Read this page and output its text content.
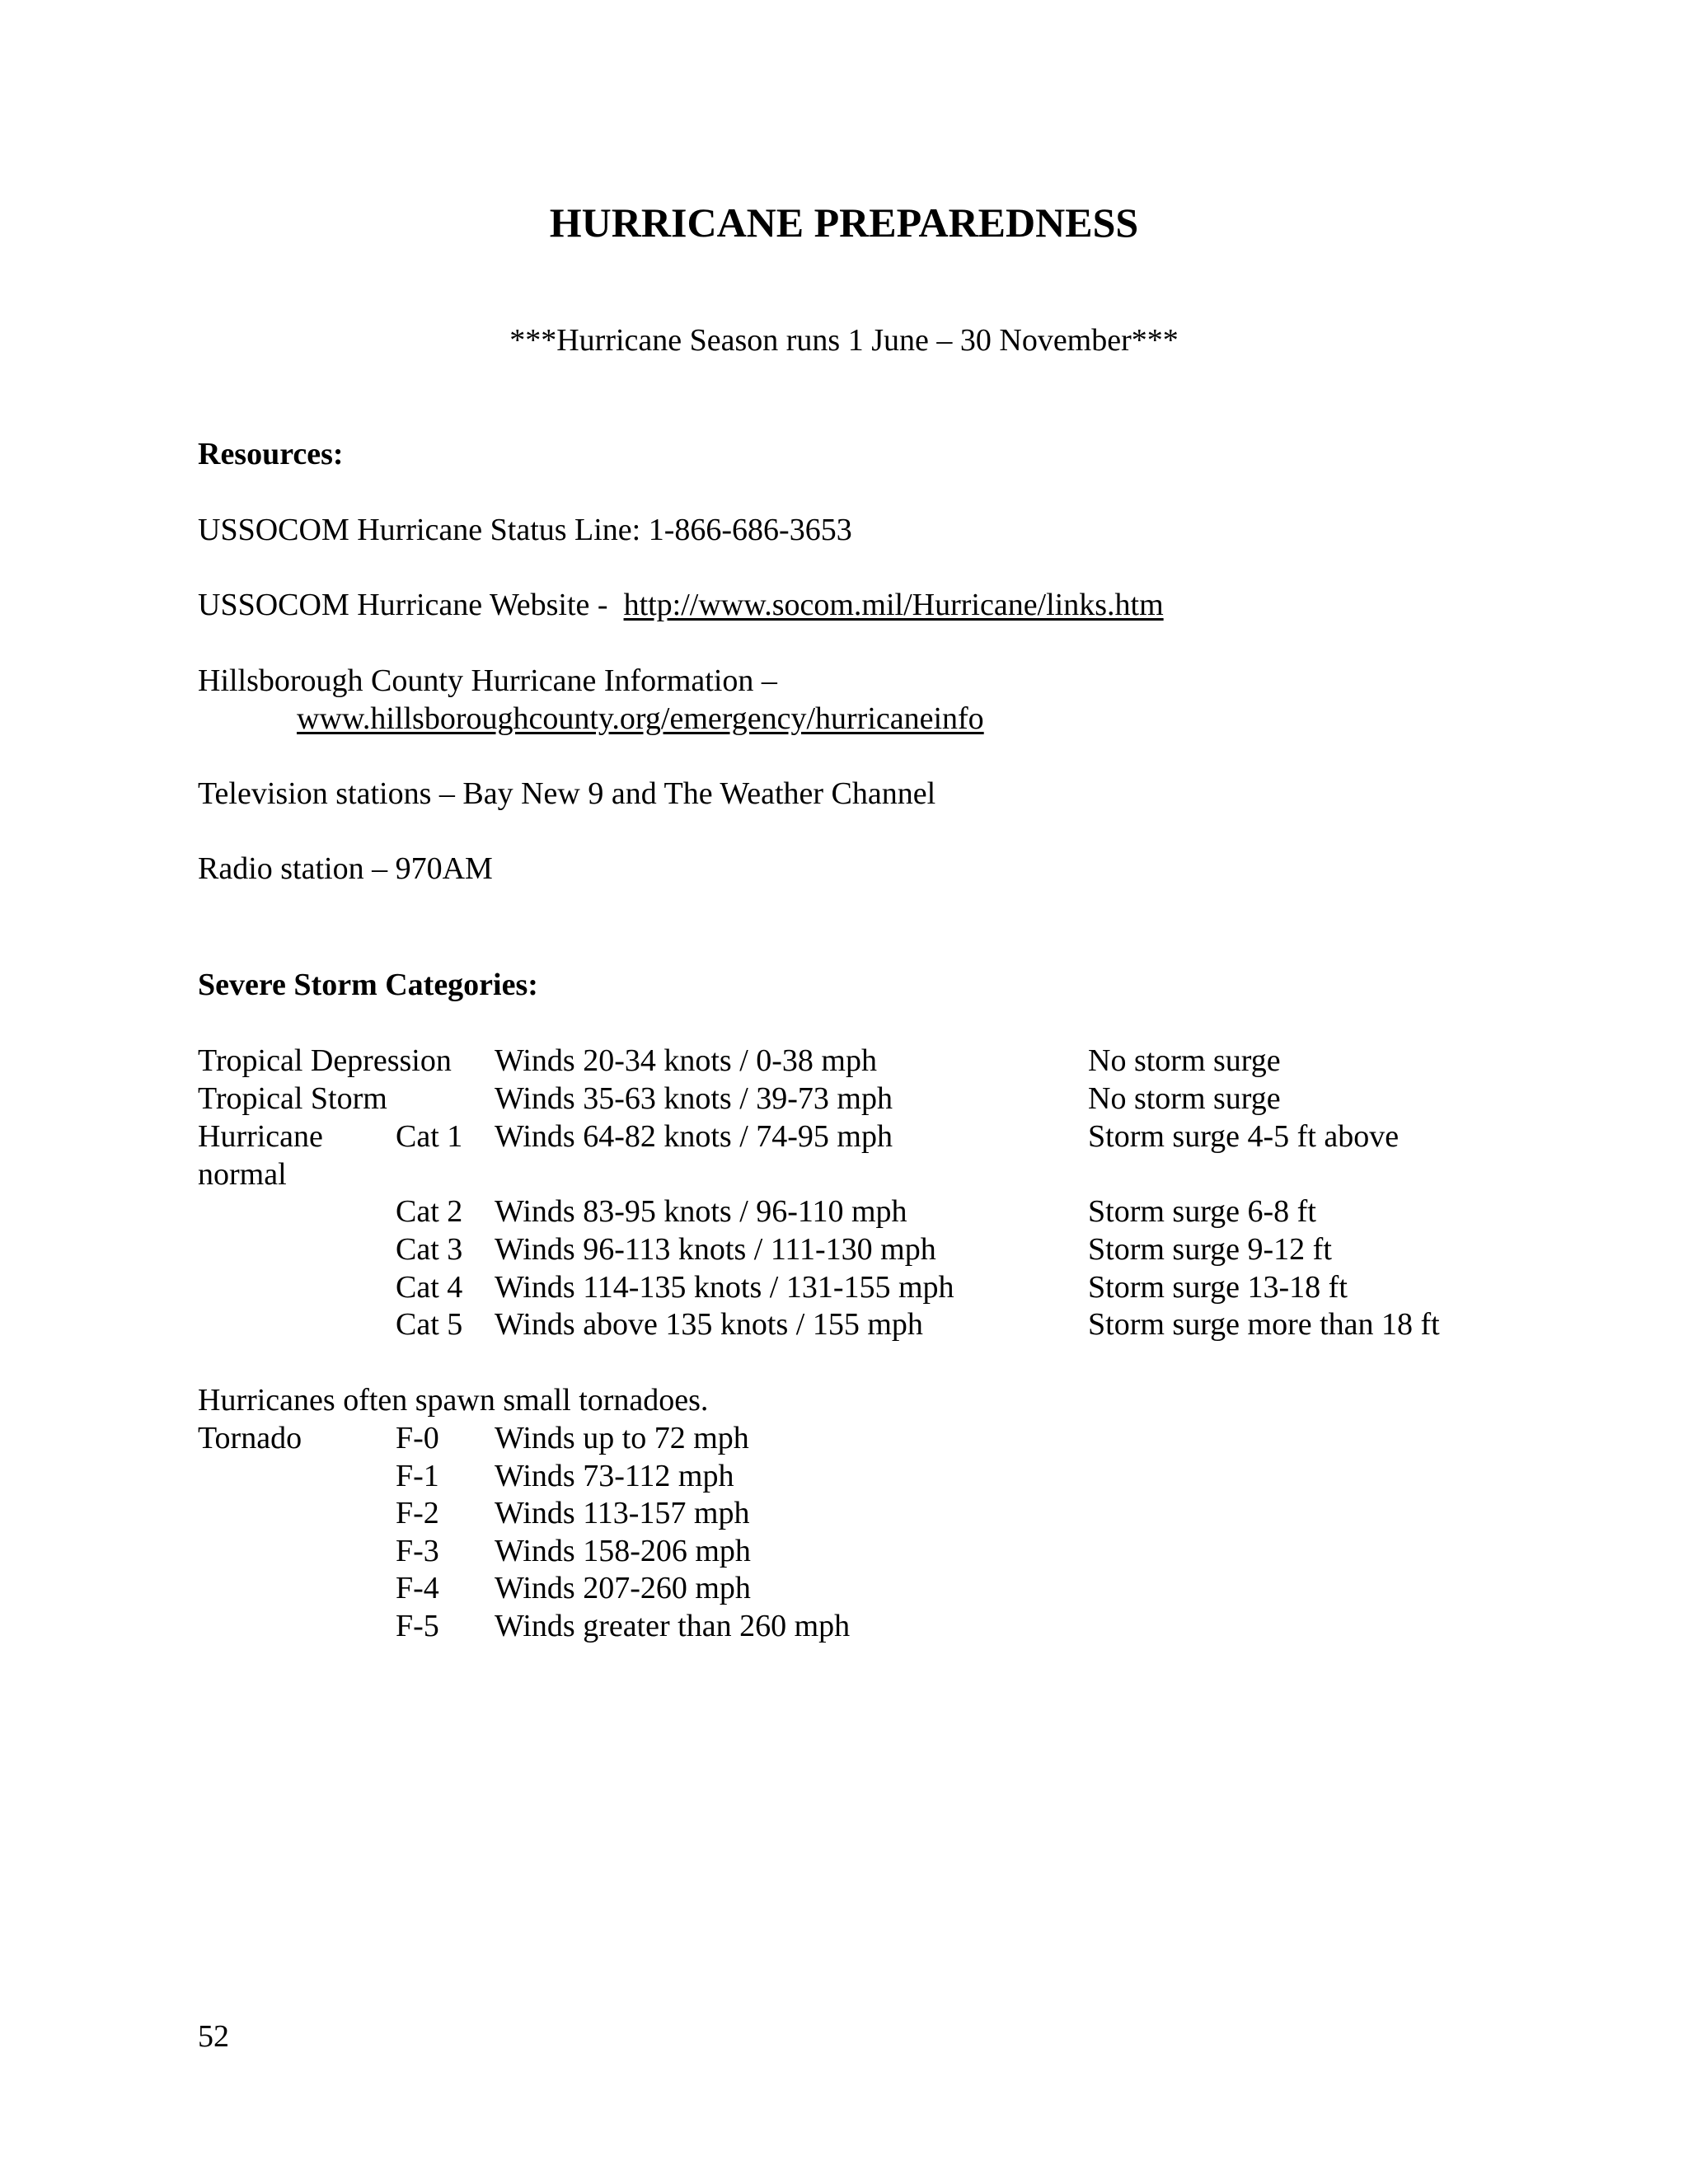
HURRICANE PREPAREDNESS
***Hurricane Season runs 1 June – 30 November***
Resources:
USSOCOM Hurricane Status Line: 1-866-686-3653
USSOCOM Hurricane Website - http://www.socom.mil/Hurricane/links.htm
Hillsborough County Hurricane Information –
www.hillsboroughcounty.org/emergency/hurricaneinfo
Television stations – Bay New 9 and The Weather Channel
Radio station – 970AM
Severe Storm Categories:
Tropical Depression Winds 20-34 knots / 0-38 mph	No storm surge
Tropical Storm	Winds 35-63 knots / 39-73 mph	No storm surge
Hurricane Cat 1 Winds 64-82 knots / 74-95 mph	Storm surge 4-5 ft above
normal
Cat 2 Winds 83-95 knots / 96-110 mph	Storm surge 6-8 ft
Cat 3 Winds 96-113 knots / 111-130 mph	Storm surge 9-12 ft
Cat 4 Winds 114-135 knots / 131-155 mph	Storm surge 13-18 ft
Cat 5 Winds above 135 knots / 155 mph	Storm surge more than 18 ft
Hurricanes often spawn small tornadoes.
Tornado	F-0 Winds up to 72 mph
F-1 Winds 73-112 mph
F-2 Winds 113-157 mph
F-3 Winds 158-206 mph
F-4 Winds 207-260 mph
F-5 Winds greater than 260 mph
52
